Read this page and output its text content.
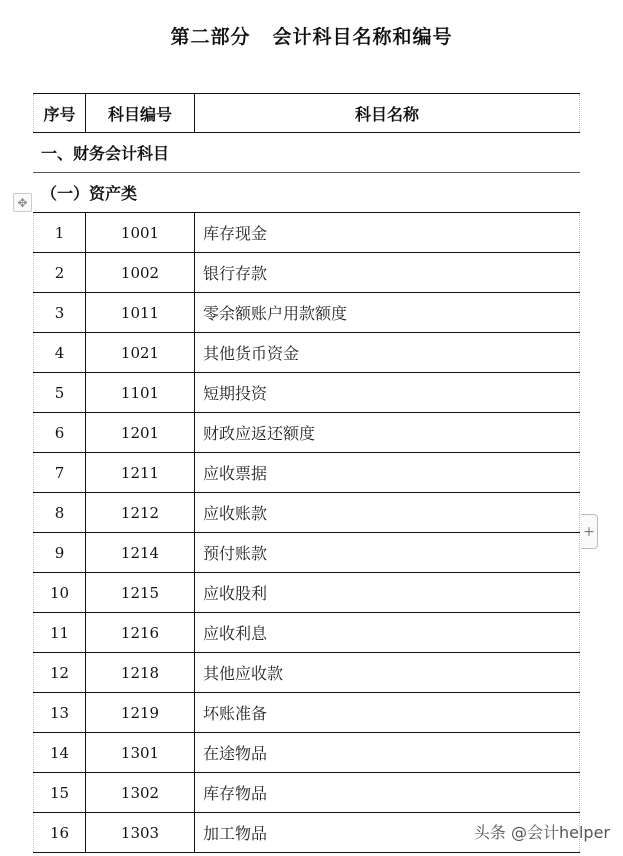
第二部分 会计科目名称和编号
✥
+
序号	科目编号	科目名称
一、财务会计科目
（一）资产类
1	1001	库存现金
2	1002	银行存款
3	1011	零余额账户用款额度
4	1021	其他货币资金
5	1101	短期投资
6	1201	财政应返还额度
7	1211	应收票据
8	1212	应收账款
9	1214	预付账款
10	1215	应收股利
11	1216	应收利息
12	1218	其他应收款
13	1219	坏账准备
14	1301	在途物品
15	1302	库存物品
16	1303	加工物品	头条 @会计helper
